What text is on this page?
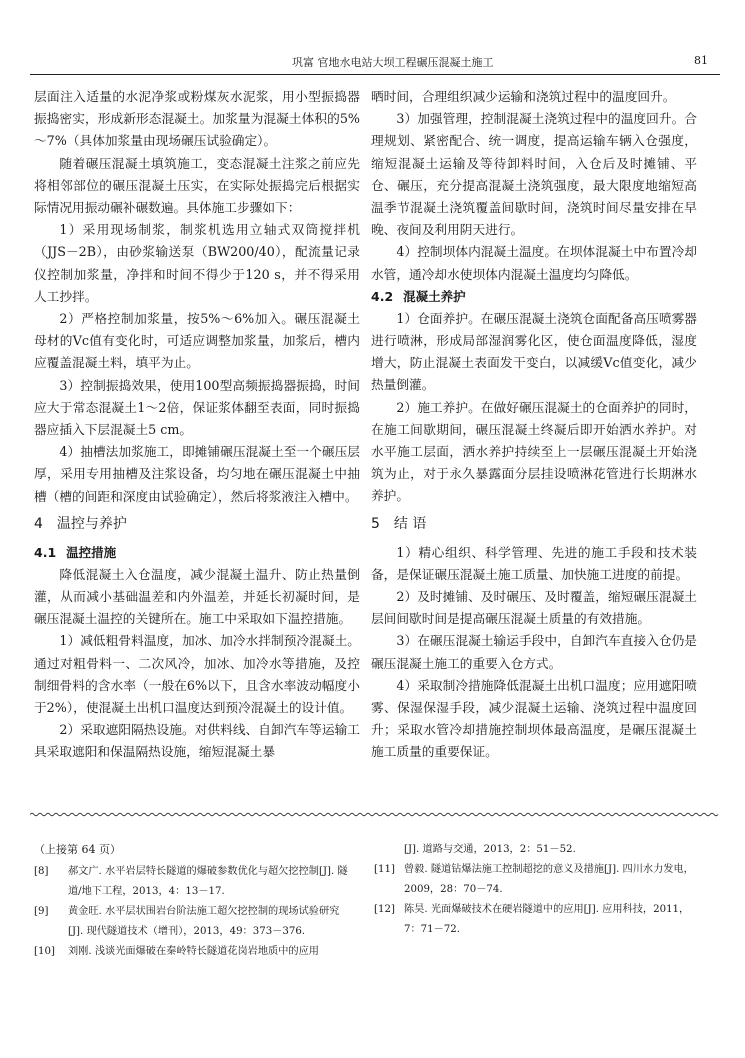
巩富 官地水电站大坝工程碾压混凝土施工	81

层面注入适量的水泥净浆或粉煤灰水泥浆，用小型振捣器振捣密实，形成新形态混凝土。加浆量为混凝土体积的5%～7%（具体加浆量由现场碾压试验确定）。

随着碾压混凝土填筑施工，变态混凝土注浆之前应先将相邻部位的碾压混凝土压实，在实际处振捣完后根据实际情况用振动碾补碾数遍。具体施工步骤如下：

1）采用现场制浆，制浆机选用立轴式双筒搅拌机（JJS－2B），由砂浆输送泵（BW200/40），配流量记录仪控制加浆量，净拌和时间不得少于120 s，并不得采用人工抄拌。

2）严格控制加浆量，按5%～6%加入。碾压混凝土母材的Vc值有变化时，可适应调整加浆量，加浆后，槽内应覆盖混凝土料，填平为止。

3）控制振捣效果，使用100型高频振捣器振捣，时间应大于常态混凝土1～2倍，保证浆体翻至表面，同时振捣器应插入下层混凝土5 cm。

4）抽槽法加浆施工，即摊铺碾压混凝土至一个碾压层厚，采用专用抽槽及注浆设备，均匀地在碾压混凝土中抽槽（槽的间距和深度由试验确定），然后将浆液注入槽中。

4 温控与养护
4.1 温控措施

降低混凝土入仓温度，减少混凝土温升、防止热量倒灌，从而减小基础温差和内外温差，并延长初凝时间，是碾压混凝土温控的关键所在。施工中采取如下温控措施。

1）减低粗骨料温度，加冰、加冷水拌制预冷混凝土。通过对粗骨料一、二次风冷，加冰、加冷水等措施，及控制细骨料的含水率（一般在6%以下，且含水率波动幅度小于2%），使混凝土出机口温度达到预冷混凝土的设计值。

2）采取遮阳隔热设施。对供料线、自卸汽车等运输工具采取遮阳和保温隔热设施，缩短混凝土暴

晒时间，合理组织减少运输和浇筑过程中的温度回升。

3）加强管理，控制混凝土浇筑过程中的温度回升。合理规划、紧密配合、统一调度，提高运输车辆入仓强度，缩短混凝土运输及等待卸料时间，入仓后及时摊铺、平仓、碾压，充分提高混凝土浇筑强度，最大限度地缩短高温季节混凝土浇筑覆盖间歇时间，浇筑时间尽量安排在早晚、夜间及利用阴天进行。

4）控制坝体内混凝土温度。在坝体混凝土中布置冷却水管，通冷却水使坝体内混凝土温度均匀降低。

4.2 混凝土养护

1）仓面养护。在碾压混凝土浇筑仓面配备高压喷雾器进行喷淋，形成局部湿润雾化区，使仓面温度降低，湿度增大，防止混凝土表面发干变白，以减缓Vc值变化，减少热量倒灌。

2）施工养护。在做好碾压混凝土的仓面养护的同时，在施工间歇期间，碾压混凝土终凝后即开始洒水养护。对水平施工层面，洒水养护持续至上一层碾压混凝土开始浇筑为止，对于永久暴露面分层挂设喷淋花管进行长期淋水养护。

5 结 语

1）精心组织、科学管理、先进的施工手段和技术装备，是保证碾压混凝土施工质量、加快施工进度的前提。

2）及时摊铺、及时碾压、及时覆盖，缩短碾压混凝土层间间歇时间是提高碾压混凝土质量的有效措施。

3）在碾压混凝土输运手段中，自卸汽车直接入仓仍是碾压混凝土施工的重要入仓方式。

4）采取制冷措施降低混凝土出机口温度；应用遮阳喷雾、保湿保湿手段，减少混凝土运输、浇筑过程中温度回升；采取水管冷却措施控制坝体最高温度，是碾压混凝土施工质量的重要保证。

（上接第 64 页）
[8]	郝文广. 水平岩层特长隧道的爆破参数优化与超欠挖控制[J]. 隧道/地下工程，2013，4：13－17.
[9]	黄金旺. 水平层状围岩台阶法施工超欠挖控制的现场试验研究[J]. 现代隧道技术（增刊），2013，49：373－376.
[10]	刘刚. 浅谈光面爆破在秦岭特长隧道花岗岩地质中的应用
[J]. 道路与交通，2013，2：51－52.
[11] 曾毅. 隧道钻爆法施工控制超挖的意义及措施[J]. 四川水力发电，2009，28：70－74.
[12] 陈昊. 光面爆破技术在硬岩隧道中的应用[J]. 应用科技，2011，7：71－72.
